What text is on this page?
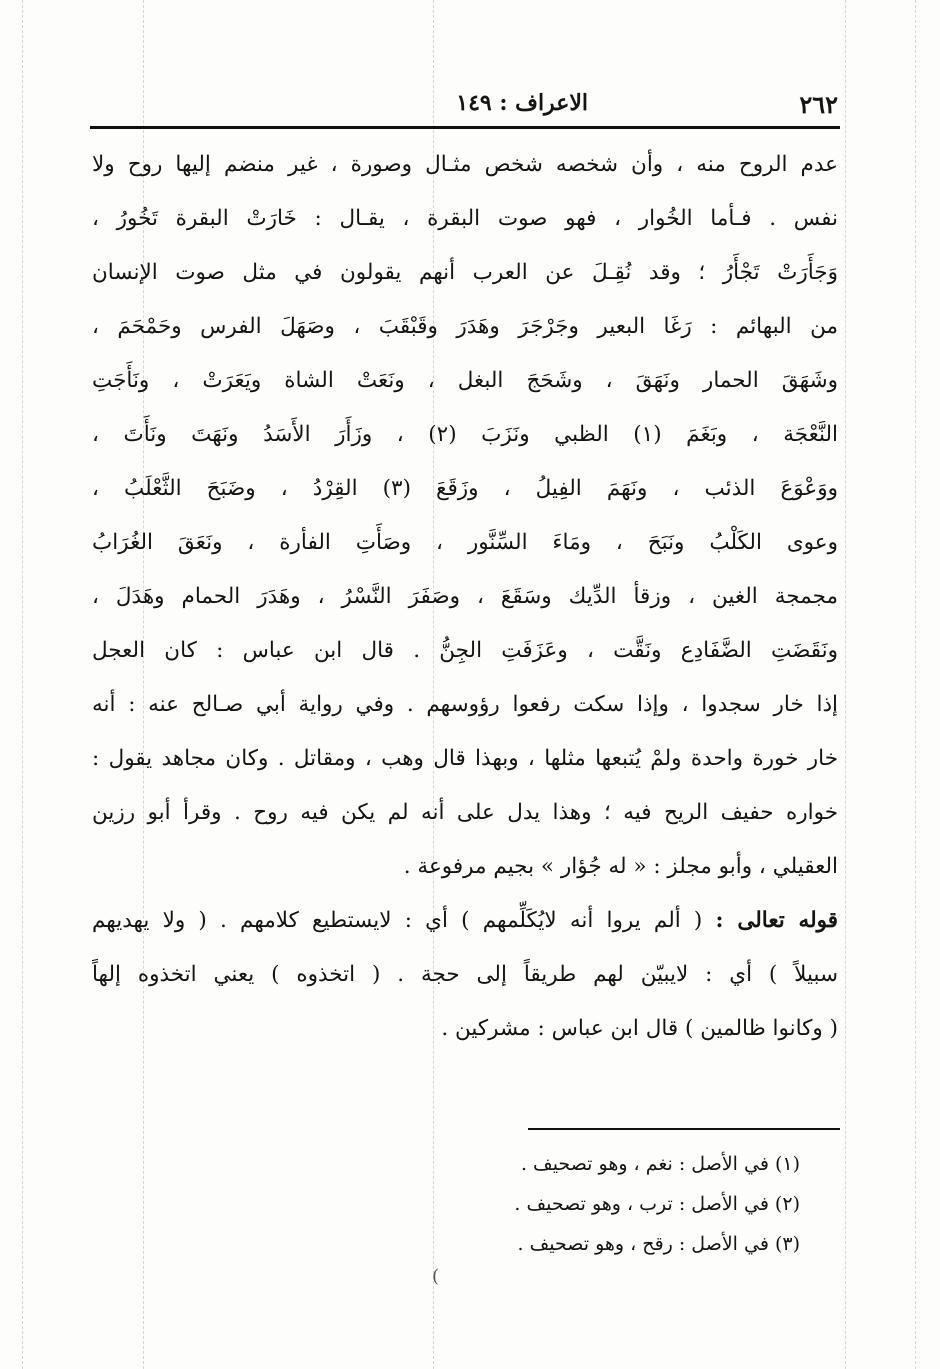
٢٦٢
الاعراف : ١٤٩
عدم الروح منه ، وأن شخصه شخص مثـال وصورة ، غير منضم إليها روح ولا
نفس . فـأما الخُوار ، فهو صوت البقرة ، يقـال : خَارَتْ البقرة تَخُورُ ،
وَجَأَرَتْ تَجْأَرُ ؛ وقد نُقِـلَ عن العرب أنهم يقولون في مثل صوت الإنسان
من البهائم : رَغَا البعير وجَرْجَرَ وهَدَرَ وقَبْقَبَ ، وصَهَلَ الفرس وحَمْحَمَ ،
وشَهَقَ الحمار ونَهَقَ ، وشَحَجَ البغل ، ونَعَتْ الشاة ويَعَرَتْ ، ونَأَجَتِ
النَّعْجَة ، وبَغَمَ (١) الظبي ونَزَبَ (٢) ، وزَأَرَ الأَسَدُ ونَهَتَ ونَأَتَ ،
ووَعْوَعَ الذئب ، ونَهَمَ الفِيلُ ، وزَقَعَ (٣) القِرْدُ ، وضَبَحَ الثَّعْلَبُ ،
وعوى الكَلْبُ ونَبَحَ ، ومَاءَ السِّنَّور ، وصَأَتِ الفأرة ، ونَعَقَ الغُرَابُ
مجمجة الغين ، وزقأ الدِّيك وسَقَعَ ، وصَفَرَ النَّسْرُ ، وهَدَرَ الحمام وهَدَلَ ،
ونَقَضَتِ الضَّفَادِع ونَقَّت ، وعَزَفَتِ الجِنُّ . قال ابن عباس : كان العجل
إذا خار سجدوا ، وإذا سكت رفعوا رؤوسهم . وفي رواية أبي صـالح عنه : أنه
خار خورة واحدة ولمْ يُتبعها مثلها ، وبهذا قال وهب ، ومقاتل . وكان مجاهد يقول :
خواره حفيف الريح فيه ؛ وهذا يدل على أنه لم يكن فيه روح . وقرأ أبو رزين
العقيلي ، وأبو مجلز : « له جُؤار » بجيم مرفوعة .
قوله تعالى : ( ألم يروا أنه لايُكَلِّمهم ) أي : لايستطيع كلامهم . ( ولا يهديهم
سبيلاً ) أي : لايبيّن لهم طريقاً إلى حجة . ( اتخذوه ) يعني اتخذوه إلهاً
( وكانوا ظالمين ) قال ابن عباس : مشركين .
(١) في الأصل : نغم ، وهو تصحيف .
(٢) في الأصل : ترب ، وهو تصحيف .
(٣) في الأصل : رقح ، وهو تصحيف .
(
